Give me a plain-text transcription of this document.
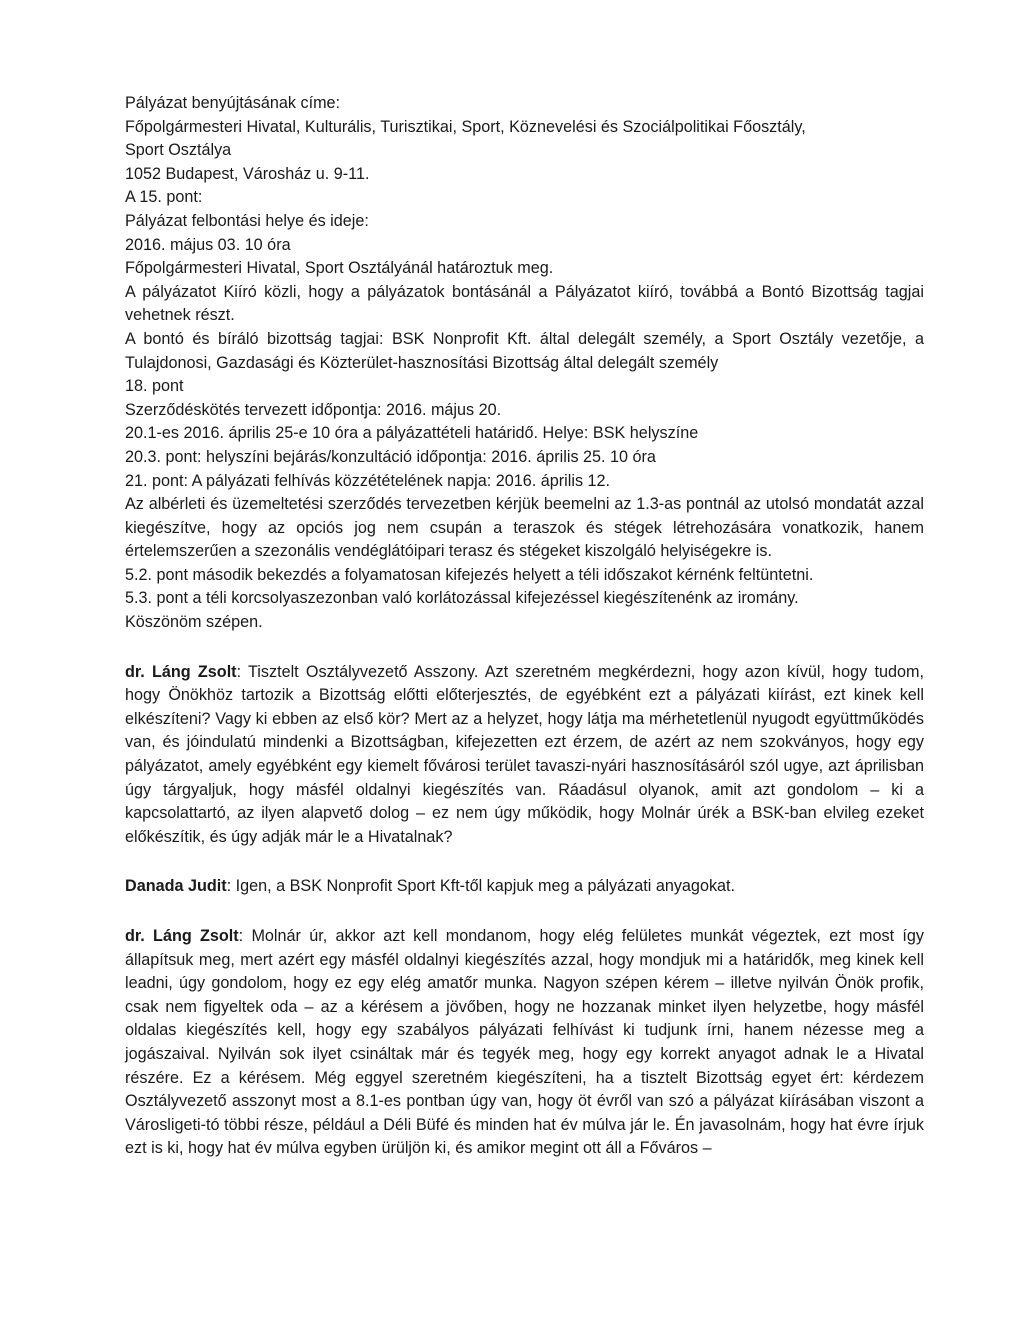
Pályázat benyújtásának címe:
Főpolgármesteri Hivatal, Kulturális, Turisztikai, Sport, Köznevelési és Szociálpolitikai Főosztály,
Sport Osztálya
1052 Budapest, Városház u. 9-11.
A 15. pont:
Pályázat felbontási helye és ideje:
2016. május 03. 10 óra
Főpolgármesteri Hivatal, Sport Osztályánál határoztuk meg.

A pályázatot Kiíró közli, hogy a pályázatok bontásánál a Pályázatot kiíró, továbbá a Bontó Bizottság tagjai vehetnek részt.

A bontó és bíráló bizottság tagjai: BSK Nonprofit Kft. által delegált személy, a Sport Osztály vezetője, a Tulajdonosi, Gazdasági és Közterület-hasznosítási Bizottság által delegált személy

18. pont
Szerződéskötés tervezett időpontja: 2016. május 20.
20.1-es 2016. április 25-e 10 óra a pályázattételi határidő. Helye: BSK helyszíne
20.3. pont: helyszíni bejárás/konzultáció időpontja: 2016. április 25. 10 óra
21. pont: A pályázati felhívás közzétételének napja: 2016. április 12.

Az albérleti és üzemeltetési szerződés tervezetben kérjük beemelni az 1.3-as pontnál az utolsó mondatát azzal kiegészítve, hogy az opciós jog nem csupán a teraszok és stégek létrehozására vonatkozik, hanem értelemszerűen a szezonális vendéglátóipari terasz és stégeket kiszolgáló helyiségekre is.

5.2. pont második bekezdés a folyamatosan kifejezés helyett a téli időszakot kérnénk feltüntetni.
5.3. pont a téli korcsolyaszezonban való korlátozással kifejezéssel kiegészítenénk az iromány.
Köszönöm szépen.

dr. Láng Zsolt: Tisztelt Osztályvezető Asszony. Azt szeretném megkérdezni, hogy azon kívül, hogy tudom, hogy Önökhöz tartozik a Bizottság előtti előterjesztés, de egyébként ezt a pályázati kiírást, ezt kinek kell elkészíteni? Vagy ki ebben az első kör? Mert az a helyzet, hogy látja ma mérhetetlenül nyugodt együttműködés van, és jóindulatú mindenki a Bizottságban, kifejezetten ezt érzem, de azért az nem szokványos, hogy egy pályázatot, amely egyébként egy kiemelt fővárosi terület tavaszi-nyári hasznosításáról szól ugye, azt áprilisban úgy tárgyaljuk, hogy másfél oldalnyi kiegészítés van. Ráadásul olyanok, amit azt gondolom – ki a kapcsolattartó, az ilyen alapvető dolog – ez nem úgy működik, hogy Molnár úrék a BSK-ban elvileg ezeket előkészítik, és úgy adják már le a Hivatalnak?

Danada Judit: Igen, a BSK Nonprofit Sport Kft-től kapjuk meg a pályázati anyagokat.

dr. Láng Zsolt: Molnár úr, akkor azt kell mondanom, hogy elég felületes munkát végeztek, ezt most így állapítsuk meg, mert azért egy másfél oldalnyi kiegészítés azzal, hogy mondjuk mi a határidők, meg kinek kell leadni, úgy gondolom, hogy ez egy elég amatőr munka. Nagyon szépen kérem – illetve nyilván Önök profik, csak nem figyeltek oda – az a kérésem a jövőben, hogy ne hozzanak minket ilyen helyzetbe, hogy másfél oldalas kiegészítés kell, hogy egy szabályos pályázati felhívást ki tudjunk írni, hanem nézesse meg a jogászaival. Nyilván sok ilyet csináltak már és tegyék meg, hogy egy korrekt anyagot adnak le a Hivatal részére. Ez a kérésem. Még eggyel szeretném kiegészíteni, ha a tisztelt Bizottság egyet ért: kérdezem Osztályvezető asszonyt most a 8.1-es pontban úgy van, hogy öt évről van szó a pályázat kiírásában viszont a Városligeti-tó többi része, például a Déli Büfé és minden hat év múlva jár le. Én javasolnám, hogy hat évre írjuk ezt is ki, hogy hat év múlva egyben ürüljön ki, és amikor megint ott áll a Főváros –
